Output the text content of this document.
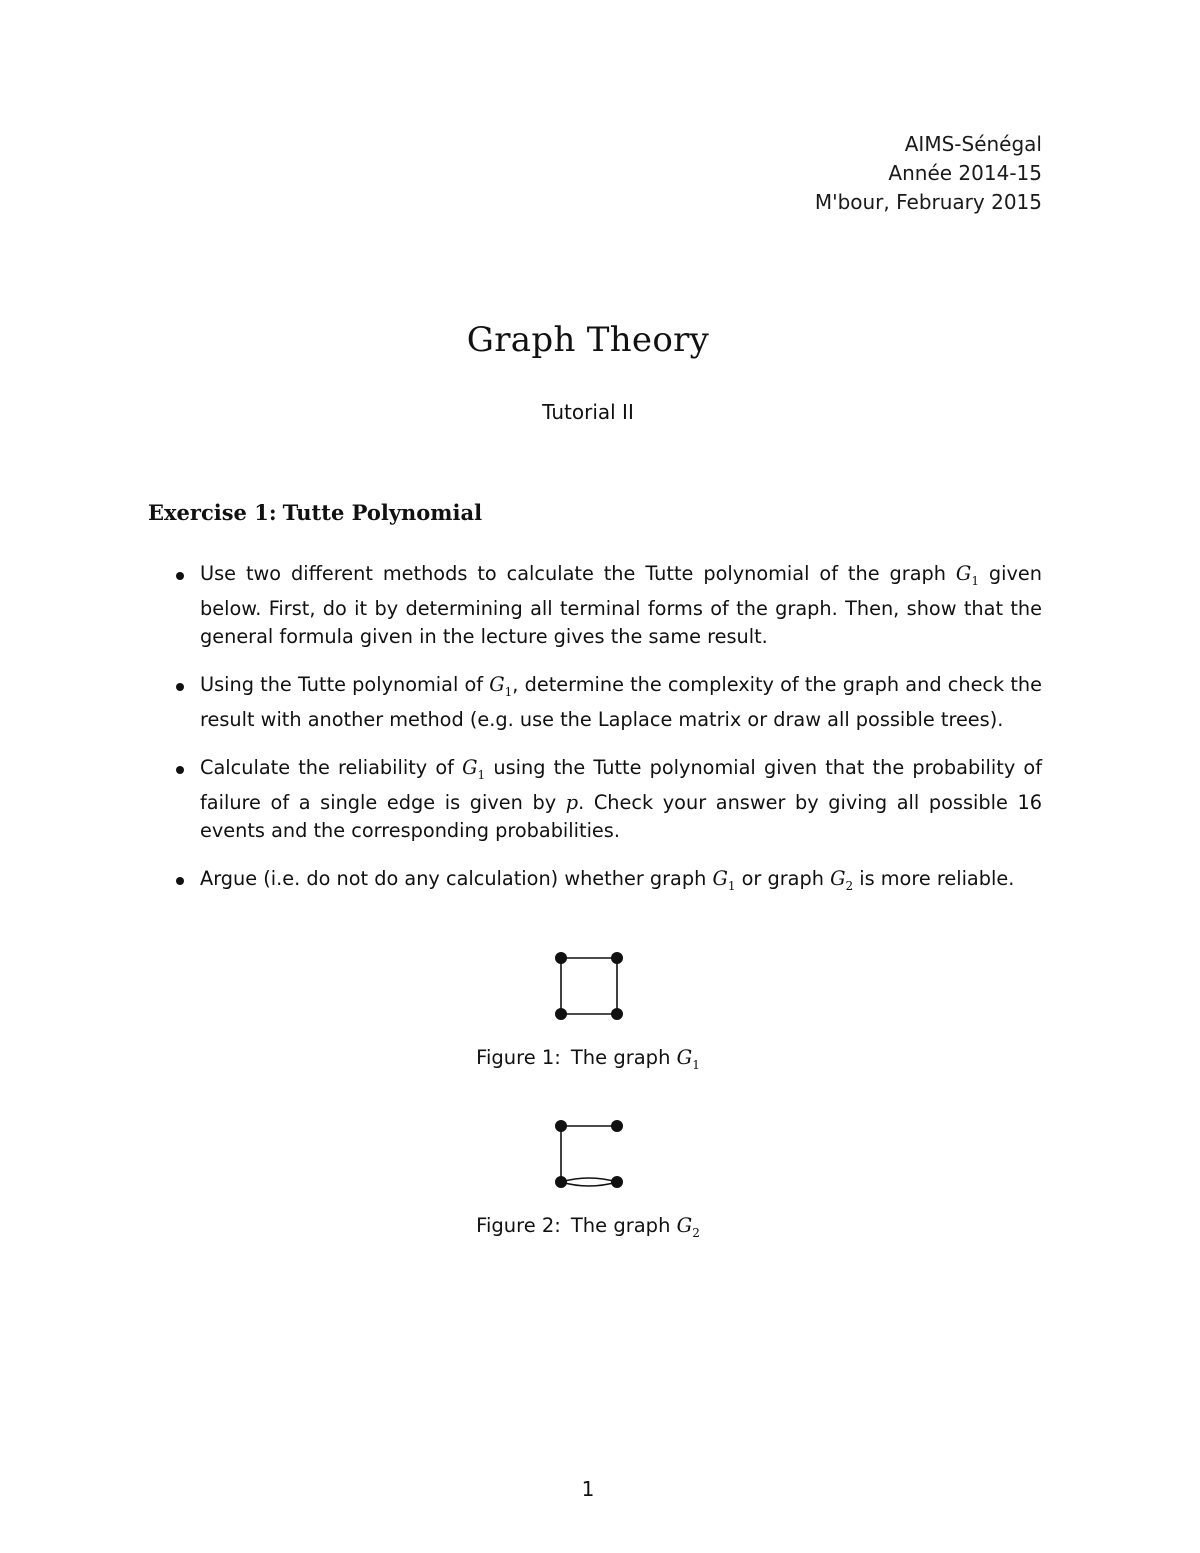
AIMS-Sénégal
Année 2014-15
M'bour, February 2015
Graph Theory
Tutorial II
Exercise 1: Tutte Polynomial
Use two different methods to calculate the Tutte polynomial of the graph $G_1$ given below. First, do it by determining all terminal forms of the graph. Then, show that the general formula given in the lecture gives the same result.
Using the Tutte polynomial of $G_1$, determine the complexity of the graph and check the result with another method (e.g. use the Laplace matrix or draw all possible trees).
Calculate the reliability of $G_1$ using the Tutte polynomial given that the probability of failure of a single edge is given by p. Check your answer by giving all possible 16 events and the corresponding probabilities.
Argue (i.e. do not do any calculation) whether graph $G_1$ or graph $G_2$ is more reliable.
Figure 1: The graph $G_1$
Figure 2: The graph $G_2$
1
